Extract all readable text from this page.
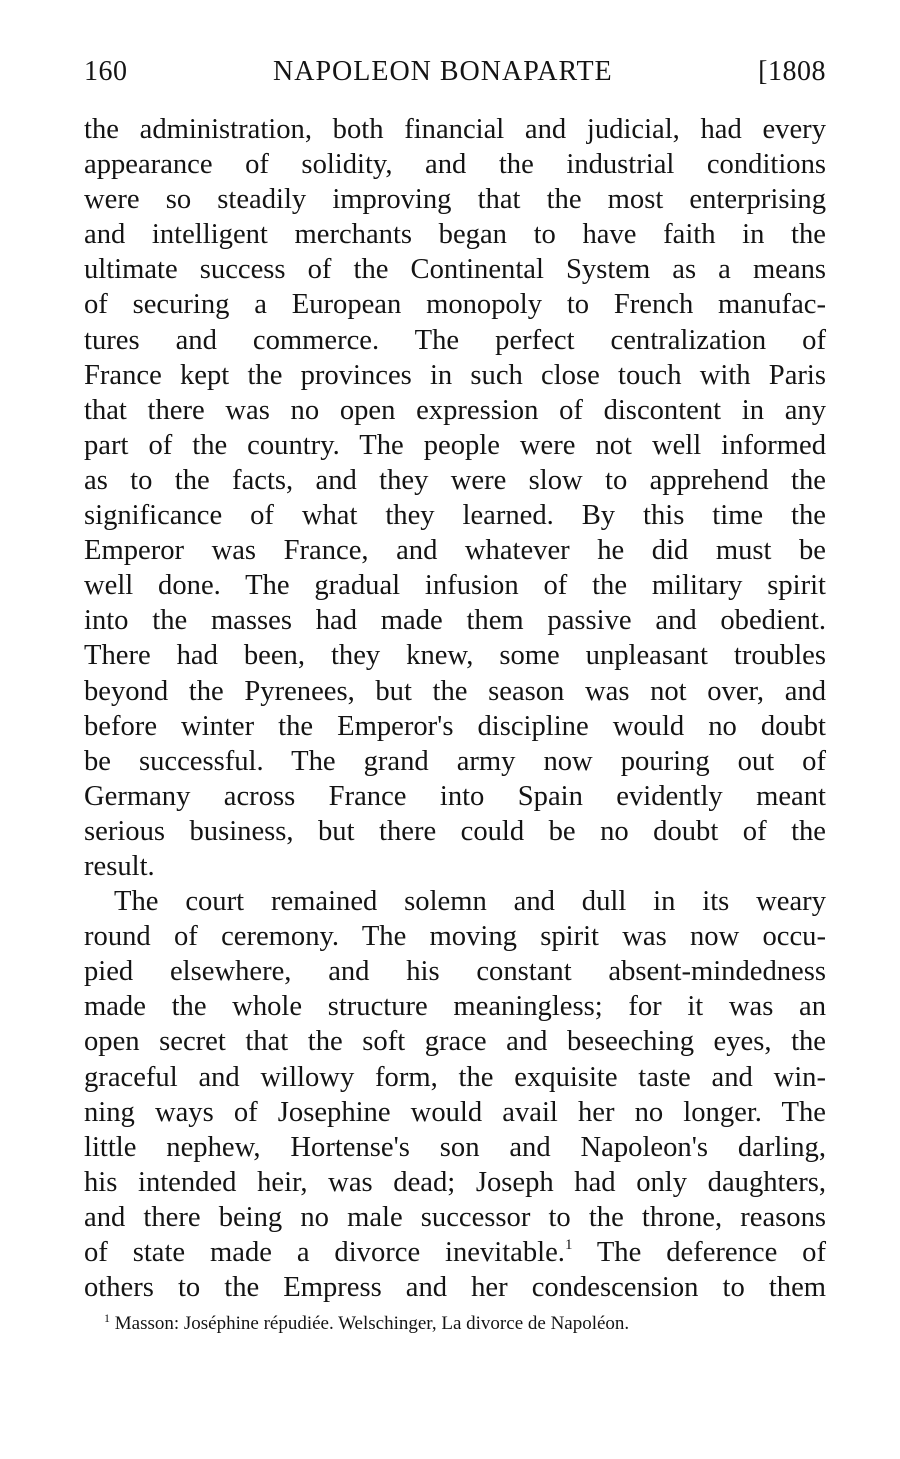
160	NAPOLEON BONAPARTE	[1808
the administration, both financial and judicial, had every
appearance of solidity, and the industrial conditions
were so steadily improving that the most enterprising
and intelligent merchants began to have faith in the
ultimate success of the Continental System as a means
of securing a European monopoly to French manufac-
tures and commerce. The perfect centralization of
France kept the provinces in such close touch with Paris
that there was no open expression of discontent in any
part of the country. The people were not well informed
as to the facts, and they were slow to apprehend the
significance of what they learned. By this time the
Emperor was France, and whatever he did must be
well done. The gradual infusion of the military spirit
into the masses had made them passive and obedient.
There had been, they knew, some unpleasant troubles
beyond the Pyrenees, but the season was not over, and
before winter the Emperor's discipline would no doubt
be successful. The grand army now pouring out of
Germany across France into Spain evidently meant
serious business, but there could be no doubt of the
result.
The court remained solemn and dull in its weary
round of ceremony. The moving spirit was now occu-
pied elsewhere, and his constant absent-mindedness
made the whole structure meaningless; for it was an
open secret that the soft grace and beseeching eyes, the
graceful and willowy form, the exquisite taste and win-
ning ways of Josephine would avail her no longer. The
little nephew, Hortense's son and Napoleon's darling,
his intended heir, was dead; Joseph had only daughters,
and there being no male successor to the throne, reasons
of state made a divorce inevitable.$^1$ The deference of
others to the Empress and her condescension to them
$^1$ Masson: Joséphine répudiée. Welschinger, La divorce de Napoléon.
